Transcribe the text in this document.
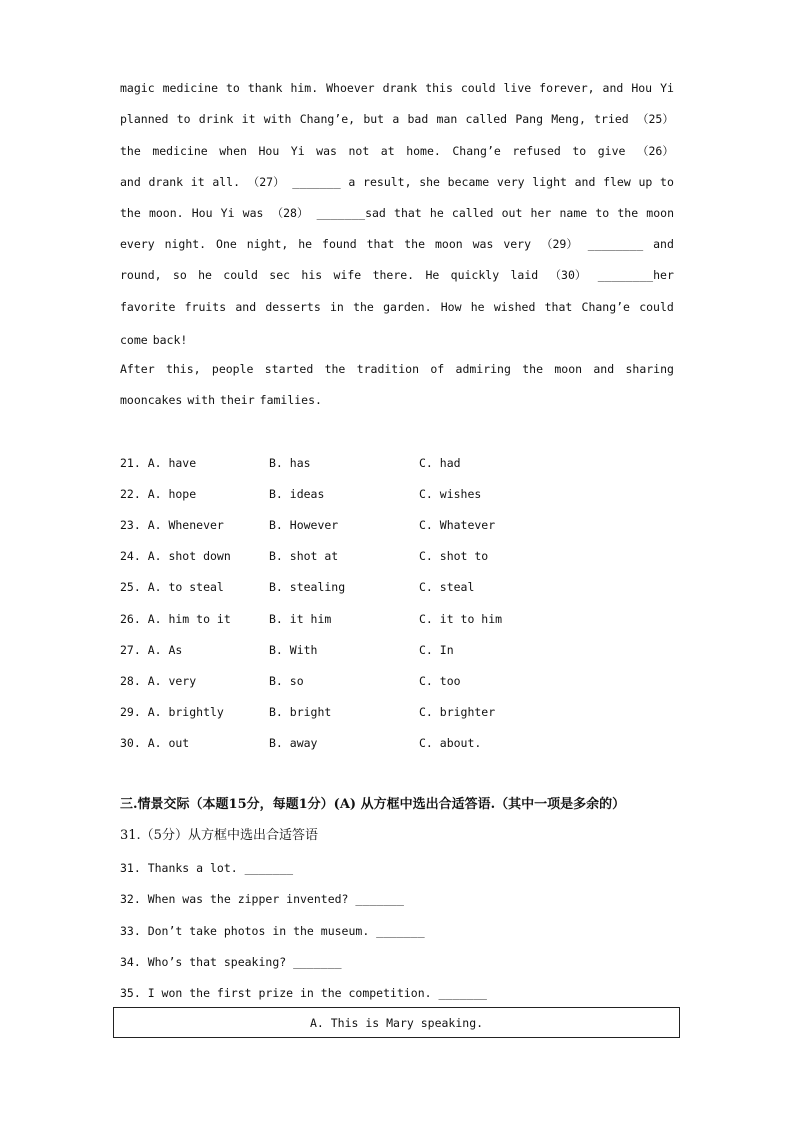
magic medicine to thank him. Whoever drank this could live forever, and Hou Yi
planned to drink it with Chang’e, but a bad man called Pang Meng, tried （25）
the medicine when Hou Yi was not at home. Chang’e refused to give （26）
and drank it all. （27） _______ a result, she became very light and flew up to
the moon. Hou Yi was （28） _______sad that he called out her name to the moon
every night. One night, he found that the moon was very （29） ________ and
round, so he could sec his wife there. He quickly laid （30） ________her
favorite fruits and desserts in the garden. How he wished that Chang’e could
come back!
After this, people started the tradition of admiring the moon and sharing
mooncakes with their families.
21. A. have	B. has	C. had
22. A. hope	B. ideas	C. wishes
23. A. Whenever	B. However	C. Whatever
24. A. shot down	B. shot at	C. shot to
25. A. to steal	B. stealing	C. steal
26. A. him to it	B. it him	C. it to him
27. A. As	B. With	C. In
28. A. very	B. so	C. too
29. A. brightly	B. bright	C. brighter
30. A. out	B. away	C. about.
三.情景交际（本题15分，每题1分）(A) 从方框中选出合适答语.（其中一项是多余的）
31.（5分）从方框中选出合适答语
31. Thanks a lot. _______
32. When was the zipper invented? _______
33. Don’t take photos in the museum. _______
34. Who’s that speaking? _______
35. I won the first prize in the competition. _______
A. This is Mary speaking.
